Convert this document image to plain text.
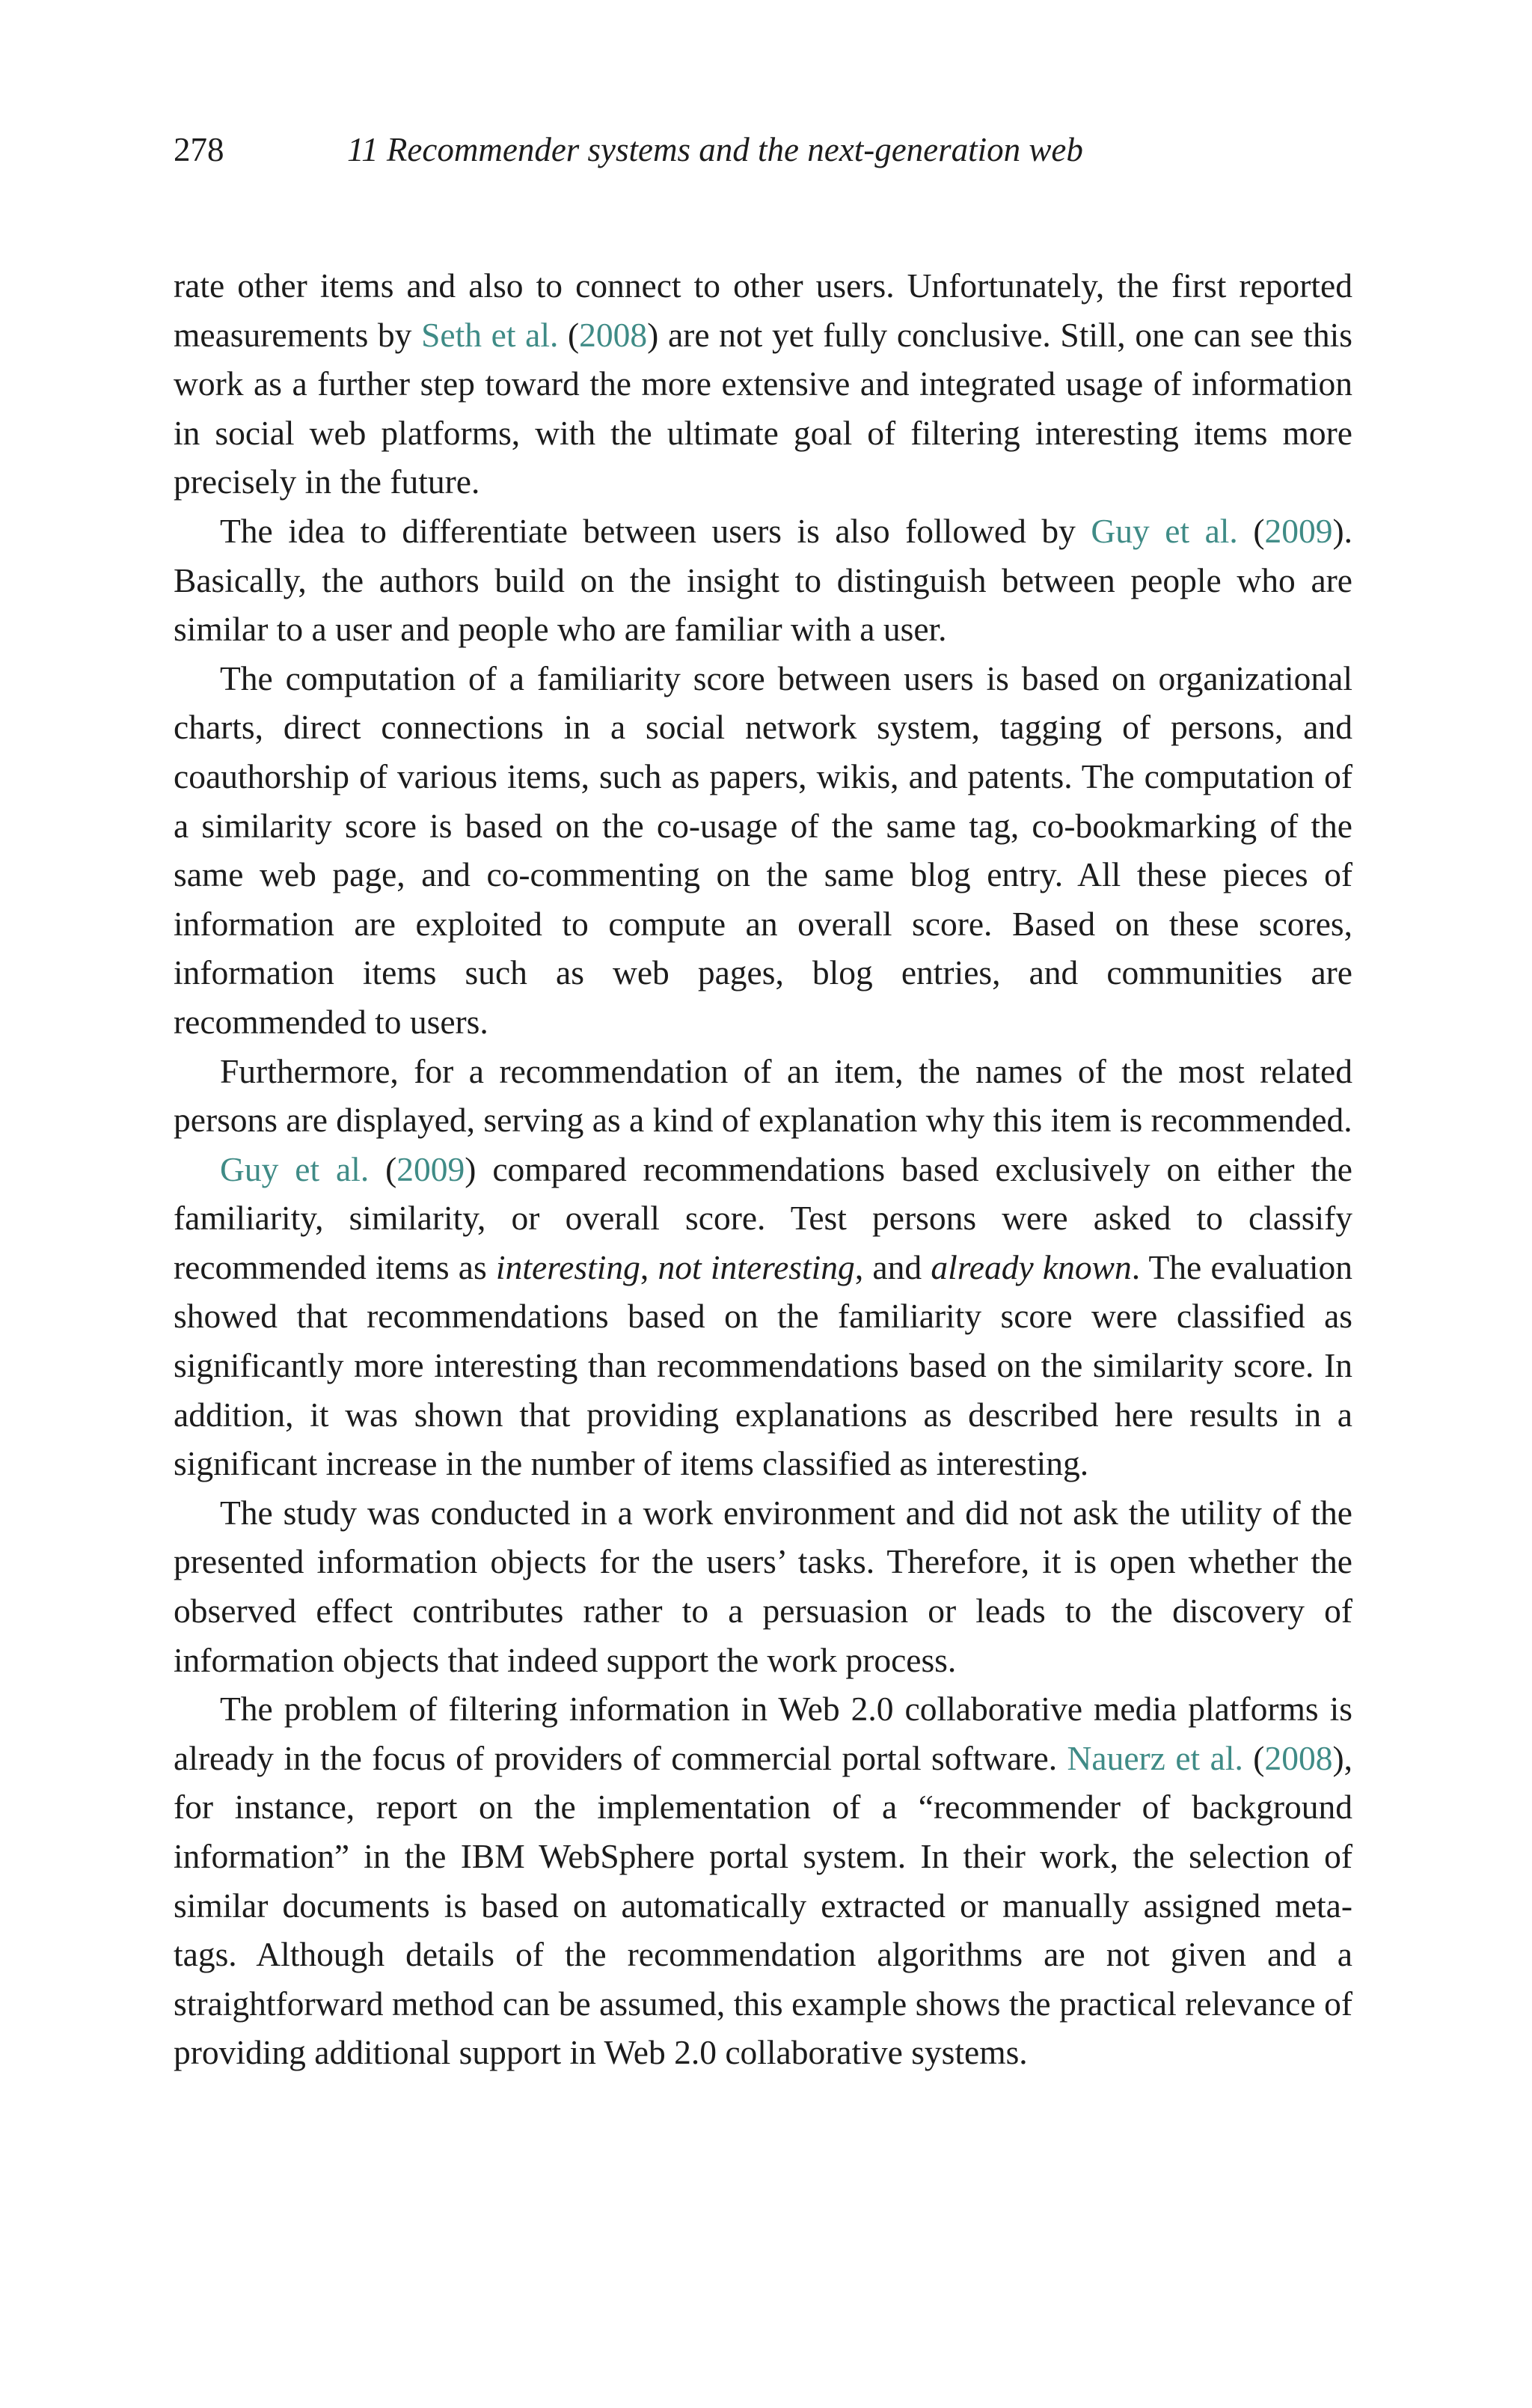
278	11 Recommender systems and the next-generation web

rate other items and also to connect to other users. Unfortunately, the first reported measurements by Seth et al. (2008) are not yet fully conclusive. Still, one can see this work as a further step toward the more extensive and integrated usage of information in social web platforms, with the ultimate goal of filtering interesting items more precisely in the future.

The idea to differentiate between users is also followed by Guy et al. (2009). Basically, the authors build on the insight to distinguish between people who are similar to a user and people who are familiar with a user.

The computation of a familiarity score between users is based on organizational charts, direct connections in a social network system, tagging of persons, and coauthorship of various items, such as papers, wikis, and patents. The computation of a similarity score is based on the co-usage of the same tag, co-bookmarking of the same web page, and co-commenting on the same blog entry. All these pieces of information are exploited to compute an overall score. Based on these scores, information items such as web pages, blog entries, and communities are recommended to users.

Furthermore, for a recommendation of an item, the names of the most related persons are displayed, serving as a kind of explanation why this item is recommended.

Guy et al. (2009) compared recommendations based exclusively on either the familiarity, similarity, or overall score. Test persons were asked to classify recommended items as interesting, not interesting, and already known. The evaluation showed that recommendations based on the familiarity score were classified as significantly more interesting than recommendations based on the similarity score. In addition, it was shown that providing explanations as described here results in a significant increase in the number of items classified as interesting.

The study was conducted in a work environment and did not ask the utility of the presented information objects for the users’ tasks. Therefore, it is open whether the observed effect contributes rather to a persuasion or leads to the discovery of information objects that indeed support the work process.

The problem of filtering information in Web 2.0 collaborative media platforms is already in the focus of providers of commercial portal software. Nauerz et al. (2008), for instance, report on the implementation of a “recommender of background information” in the IBM WebSphere portal system. In their work, the selection of similar documents is based on automatically extracted or manually assigned meta-tags. Although details of the recommendation algorithms are not given and a straightforward method can be assumed, this example shows the practical relevance of providing additional support in Web 2.0 collaborative systems.
